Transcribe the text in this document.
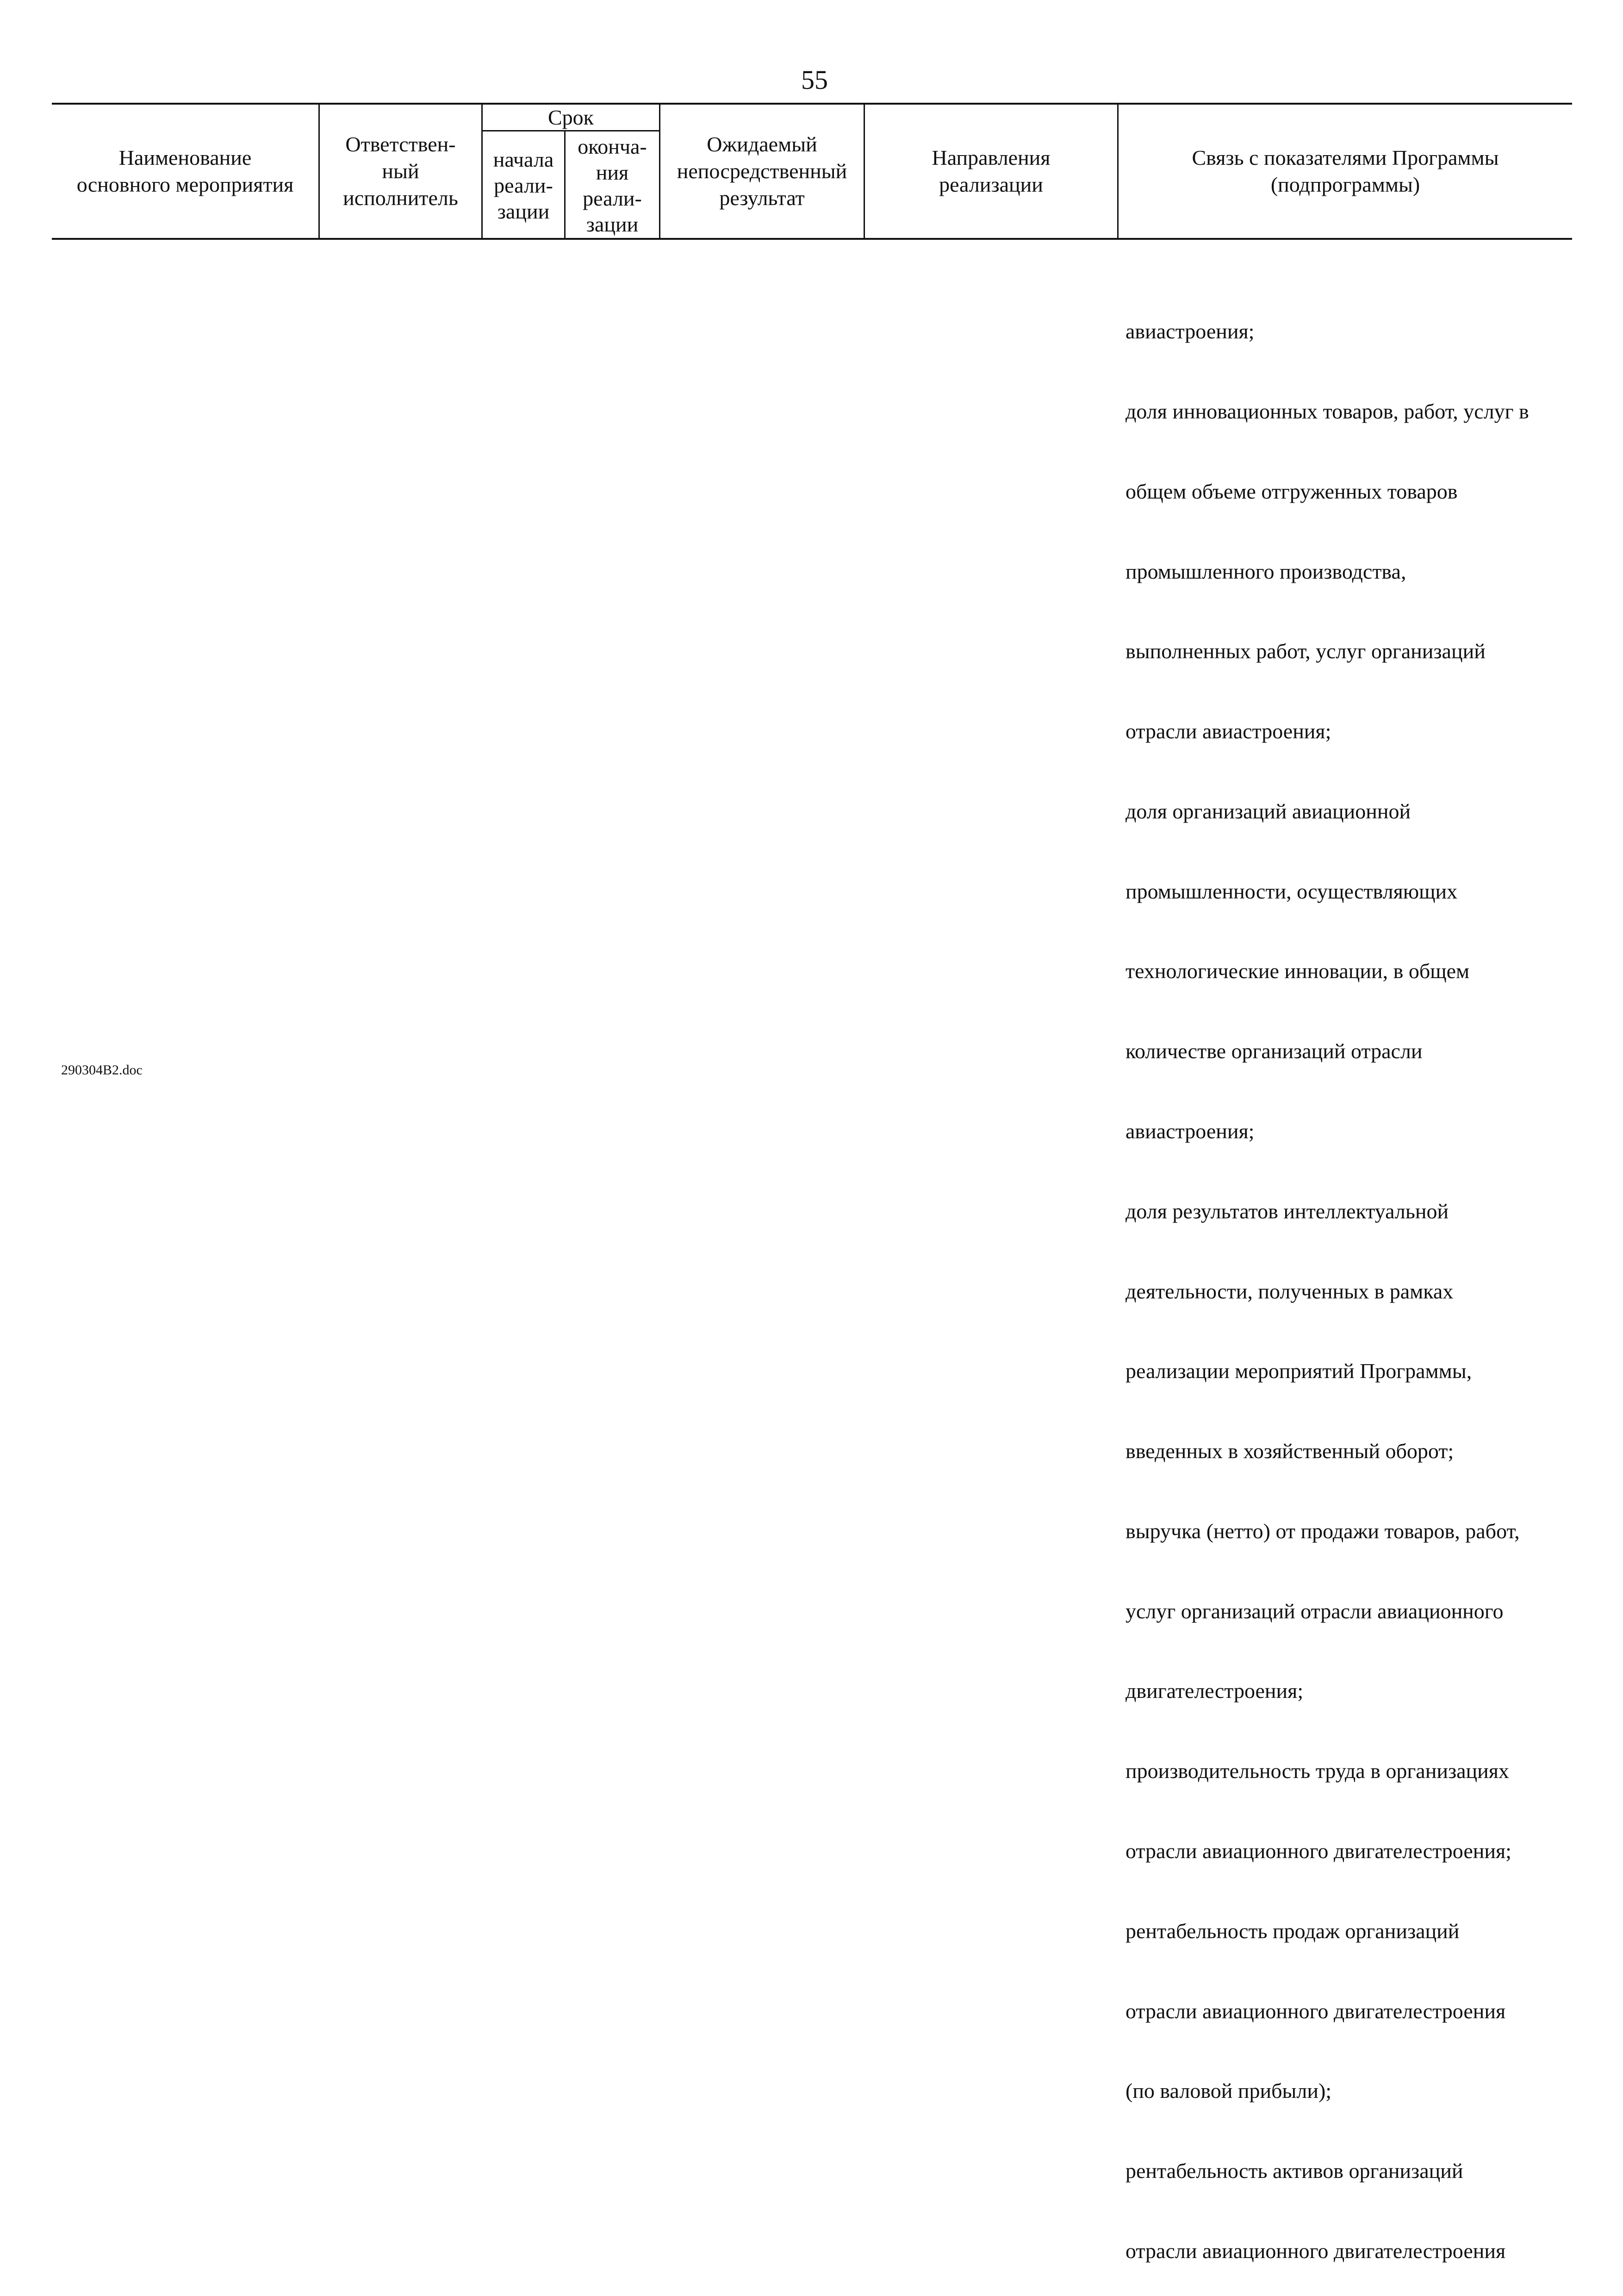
55
Наименование
основного мероприятия
Ответствен-
ный
исполнитель
Срок
начала
реали-
зации
оконча-
ния
реали-
зации
Ожидаемый
непосредственный
результат
Направления
реализации
Связь с показателями Программы
(подпрограммы)

авиастроения;

доля инновационных товаров, работ, услуг в

общем объеме отгруженных товаров

промышленного производства,

выполненных работ, услуг организаций

отрасли авиастроения;

доля организаций авиационной

промышленности, осуществляющих

технологические инновации, в общем

количестве организаций отрасли

авиастроения;

доля результатов интеллектуальной

деятельности, полученных в рамках

реализации мероприятий Программы,

введенных в хозяйственный оборот;

выручка (нетто) от продажи товаров, работ,

услуг организаций отрасли авиационного

двигателестроения;

производительность труда в организациях

отрасли авиационного двигателестроения;

рентабельность продаж организаций

отрасли авиационного двигателестроения

(по валовой прибыли);

рентабельность активов организаций

отрасли авиационного двигателестроения

290304B2.doc
